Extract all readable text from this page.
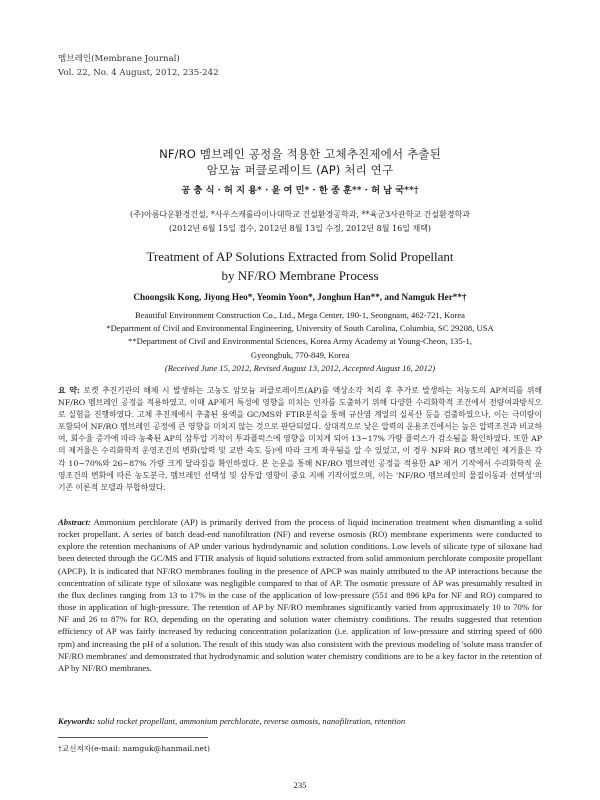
멤브레인(Membrane Journal)
Vol. 22, No. 4 August, 2012, 235-242
NF/RO 멤브레인 공정을 적용한 고체추진제에서 추출된
암모늄 퍼클로레이트 (AP) 처리 연구
공 충 식 · 허 지 용* · 윤 여 민* · 한 종 훈** · 허 남 국**†
(주)아름다운환경건설, *사우스캐롤라이나대학교 건설환경공학과, **육군3사관학교 건설환경학과
(2012년 6월 15일 접수, 2012년 8월 13일 수정, 2012년 8월 16일 채택)
Treatment of AP Solutions Extracted from Solid Propellant
by NF/RO Membrane Process
Choongsik Kong, Jiyong Heo*, Yeomin Yoon*, Jonghun Han**, and Namguk Her**†
Beautiful Environment Construction Co., Ltd., Mega Center, 190-1, Seongnam, 462-721, Korea
*Department of Civil and Environmental Engineering, University of South Carolina, Columbia, SC 29208, USA
**Department of Civil and Environmental Sciences, Korea Army Academy at Young-Cheon, 135-1,
Gyeongbuk, 770-849, Korea
(Received June 15, 2012, Revised August 13, 2012, Accepted August 16, 2012)
요 약: 로켓 추진기관의 해체 시 발생하는 고농도 암모늄 퍼클로레이트(AP)를 액상소각 처리 후 추가로 발생하는 저농도의 AP처리를 위해 NF/RO 멤브레인 공정을 적용하였고, 이때 AP제거 특성에 영향을 미치는 인자를 도출하기 위해 다양한 수리화학적 조건에서 전량여과방식으로 실험을 진행하였다. 고체 추진제에서 추출된 용액을 GC/MS와 FTIR분석을 통해 규산염 계열의 실록산 등을 검출하였으나, 이는 극미량이 포함되어 NF/RO 멤브레인 공정에 큰 영향을 미치지 않는 것으로 판단되었다. 상대적으로 낮은 압력의 운용조건에서는 높은 압력조건과 비교하여, 회수율 증가에 따라 농축된 AP의 삼투압 기작이 투과플럭스에 영향을 미치게 되어 13~17% 가량 플럭스가 감소됨을 확인하였다. 또한 AP의 제거율은 수리화학적 운영조건의 변화(압력 및 교반 속도 등)에 따라 크게 좌우됨을 알 수 있었고, 이 경우 NF와 RO 멤브레인 제거율은 각각 10~70%와 26~87% 가량 크게 달라짐을 확인하였다. 본 논문을 통해 NF/RO 멤브레인 공정을 적용한 AP 제거 기작에서 수리화학적 운영조건의 변화에 따른 농도분극, 멤브레인 선택성 및 삼투압 영향이 중요 지배 기작이었으며, 이는 'NF/RO 멤브레인의 물질이동과 선택성'의 기존 이론적 모델과 부합하였다.
Abstract: Ammonium perchlorate (AP) is primarily derived from the process of liquid incineration treatment when dismantling a solid rocket propellant. A series of batch dead-end nanofiltration (NF) and reverse osmosis (RO) membrane experiments were conducted to explore the retention mechanisms of AP under various hydrodynamic and solution conditions. Low levels of silicate type of siloxane had been detected through the GC/MS and FTIR analysis of liquid solutions extracted from solid ammonium perchlorate composite propellant (APCP). It is indicated that NF/RO membranes fouling in the presence of APCP was mainly attributed to the AP interactions because the concentration of silicate type of siloxane was negligible compared to that of AP. The osmotic pressure of AP was presumably resulted in the flux declines ranging from 13 to 17% in the case of the application of low-pressure (551 and 896 kPa for NF and RO) compared to those in application of high-pressure. The retention of AP by NF/RO membranes significantly varied from approximately 10 to 70% for NF and 26 to 87% for RO, depending on the operating and solution water chemistry conditions. The results suggested that retention efficiency of AP was fairly increased by reducing concentration polarization (i.e. application of low-pressure and stirring speed of 600 rpm) and increasing the pH of a solution. The result of this study was also consistent with the previous modeling of 'solute mass transfer of NF/RO membranes' and demonstrated that hydrodynamic and solution water chemistry conditions are to be a key factor in the retention of AP by NF/RO membranes.
Keywords: solid rocket propellant, ammonium perchlorate, reverse osmosis, nanofiltration, retention
†교신저자(e-mail: namguk@hanmail.net)
235
